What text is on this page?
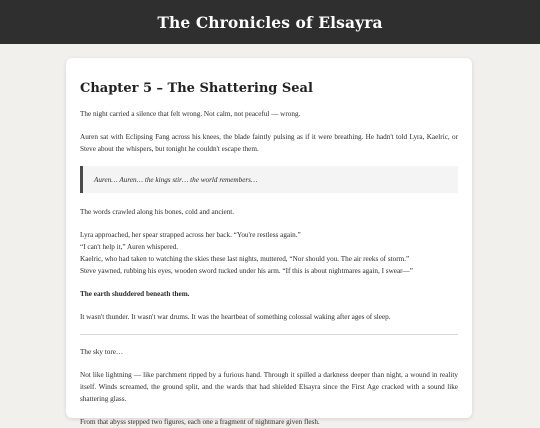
The Chronicles of Elsayra
Chapter 5 – The Shattering Seal

The night carried a silence that felt wrong. Not calm, not peaceful — wrong.

Auren sat with Eclipsing Fang across his knees, the blade faintly pulsing as if it were breathing. He hadn't told Lyra, Kaelric, or Steve about the whispers, but tonight he couldn't escape them.

Auren… Auren… the kings stir… the world remembers…

The words crawled along his bones, cold and ancient.

Lyra approached, her spear strapped across her back. “You're restless again.”

“I can't help it,” Auren whispered.

Kaelric, who had taken to watching the skies these last nights, muttered, “Nor should you. The air reeks of storm.”

Steve yawned, rubbing his eyes, wooden sword tucked under his arm. “If this is about nightmares again, I swear—”

The earth shuddered beneath them.

It wasn't thunder. It wasn't war drums. It was the heartbeat of something colossal waking after ages of sleep.

The sky tore…

Not like lightning — like parchment ripped by a furious hand. Through it spilled a darkness deeper than night, a wound in reality itself. Winds screamed, the ground split, and the wards that had shielded Elsayra since the First Age cracked with a sound like shattering glass.

From that abyss stepped two figures, each one a fragment of nightmare given flesh.
